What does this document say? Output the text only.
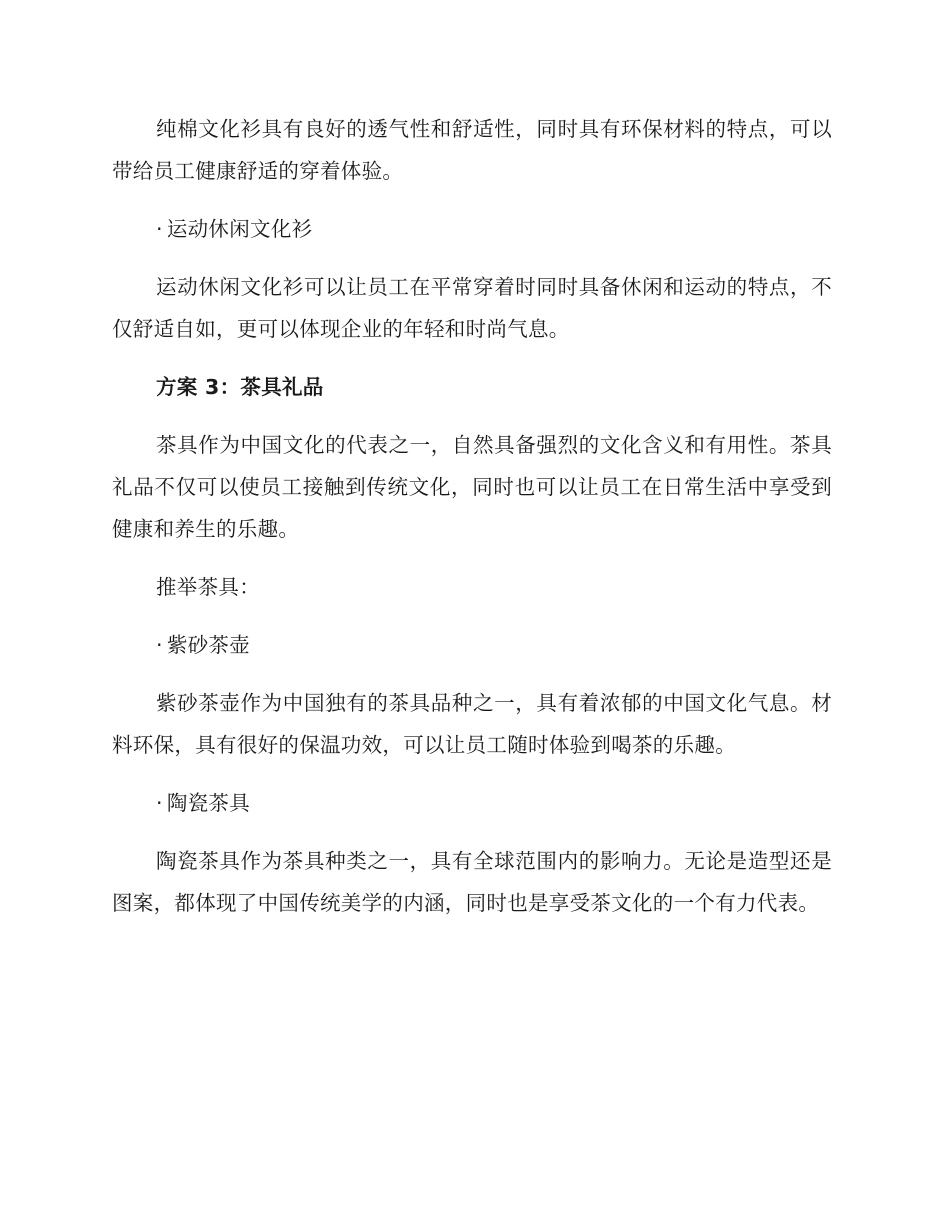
纯棉文化衫具有良好的透气性和舒适性，同时具有环保材料的特点，可以带给员工健康舒适的穿着体验。

· 运动休闲文化衫

运动休闲文化衫可以让员工在平常穿着时同时具备休闲和运动的特点，不仅舒适自如，更可以体现企业的年轻和时尚气息。

方案 3：茶具礼品

茶具作为中国文化的代表之一，自然具备强烈的文化含义和有用性。茶具礼品不仅可以使员工接触到传统文化，同时也可以让员工在日常生活中享受到健康和养生的乐趣。

推举茶具：

· 紫砂茶壶

紫砂茶壶作为中国独有的茶具品种之一，具有着浓郁的中国文化气息。材料环保，具有很好的保温功效，可以让员工随时体验到喝茶的乐趣。

· 陶瓷茶具

陶瓷茶具作为茶具种类之一，具有全球范围内的影响力。无论是造型还是图案，都体现了中国传统美学的内涵，同时也是享受茶文化的一个有力代表。
